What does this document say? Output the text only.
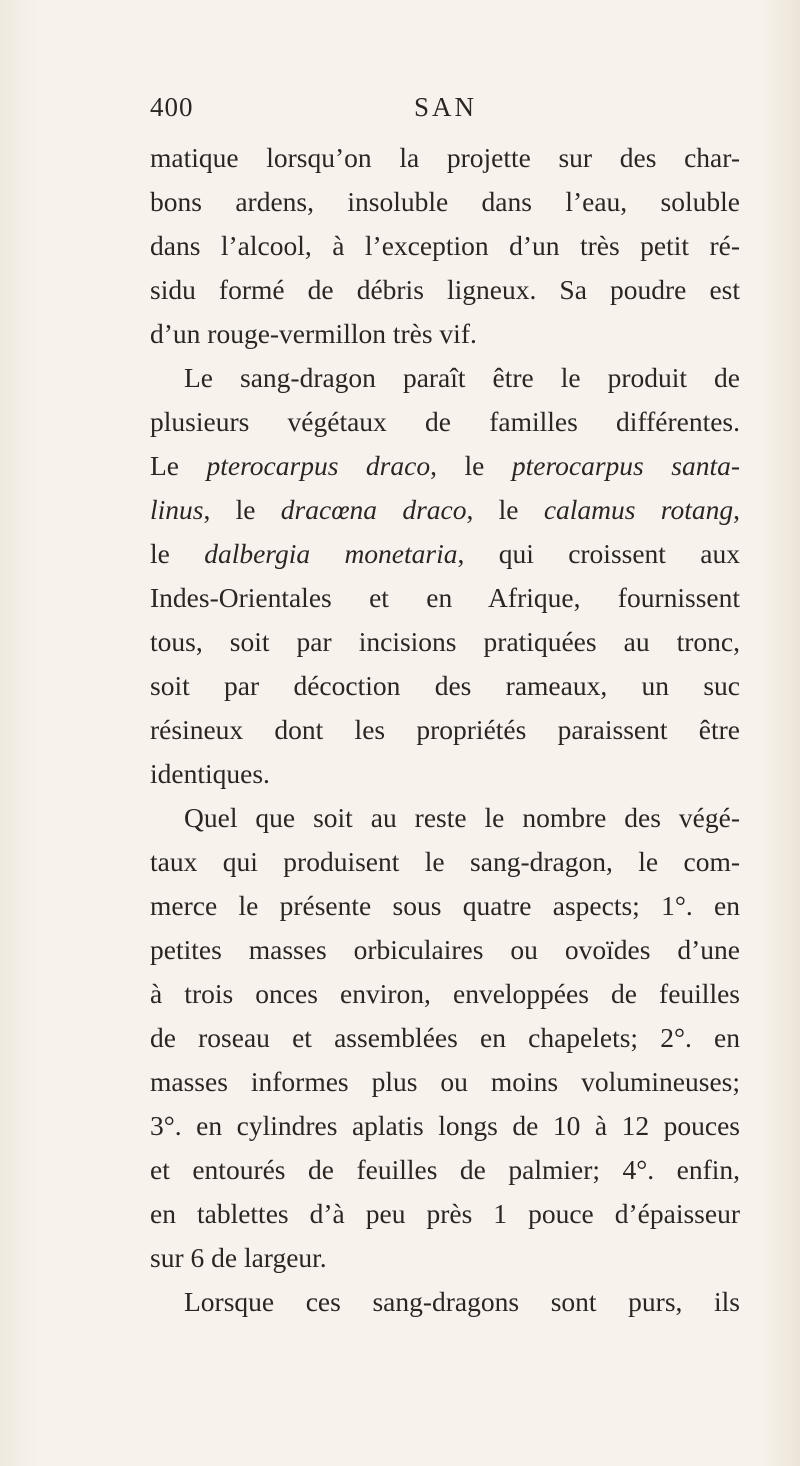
400	SAN
matique lorsqu’on la projette sur des char-
bons ardens, insoluble dans l’eau, soluble
dans l’alcool, à l’exception d’un très petit ré-
sidu formé de débris ligneux. Sa poudre est
d’un rouge-vermillon très vif.
Le sang-dragon paraît être le produit de
plusieurs végétaux de familles différentes.
Le pterocarpus draco, le pterocarpus santa-
linus, le dracœna draco, le calamus rotang,
le dalbergia monetaria, qui croissent aux
Indes-Orientales et en Afrique, fournissent
tous, soit par incisions pratiquées au tronc,
soit par décoction des rameaux, un suc
résineux dont les propriétés paraissent être
identiques.
Quel que soit au reste le nombre des végé-
taux qui produisent le sang-dragon, le com-
merce le présente sous quatre aspects; 1°. en
petites masses orbiculaires ou ovoïdes d’une
à trois onces environ, enveloppées de feuilles
de roseau et assemblées en chapelets; 2°. en
masses informes plus ou moins volumineuses;
3°. en cylindres aplatis longs de 10 à 12 pouces
et entourés de feuilles de palmier; 4°. enfin,
en tablettes d’à peu près 1 pouce d’épaisseur
sur 6 de largeur.
Lorsque ces sang-dragons sont purs, ils
